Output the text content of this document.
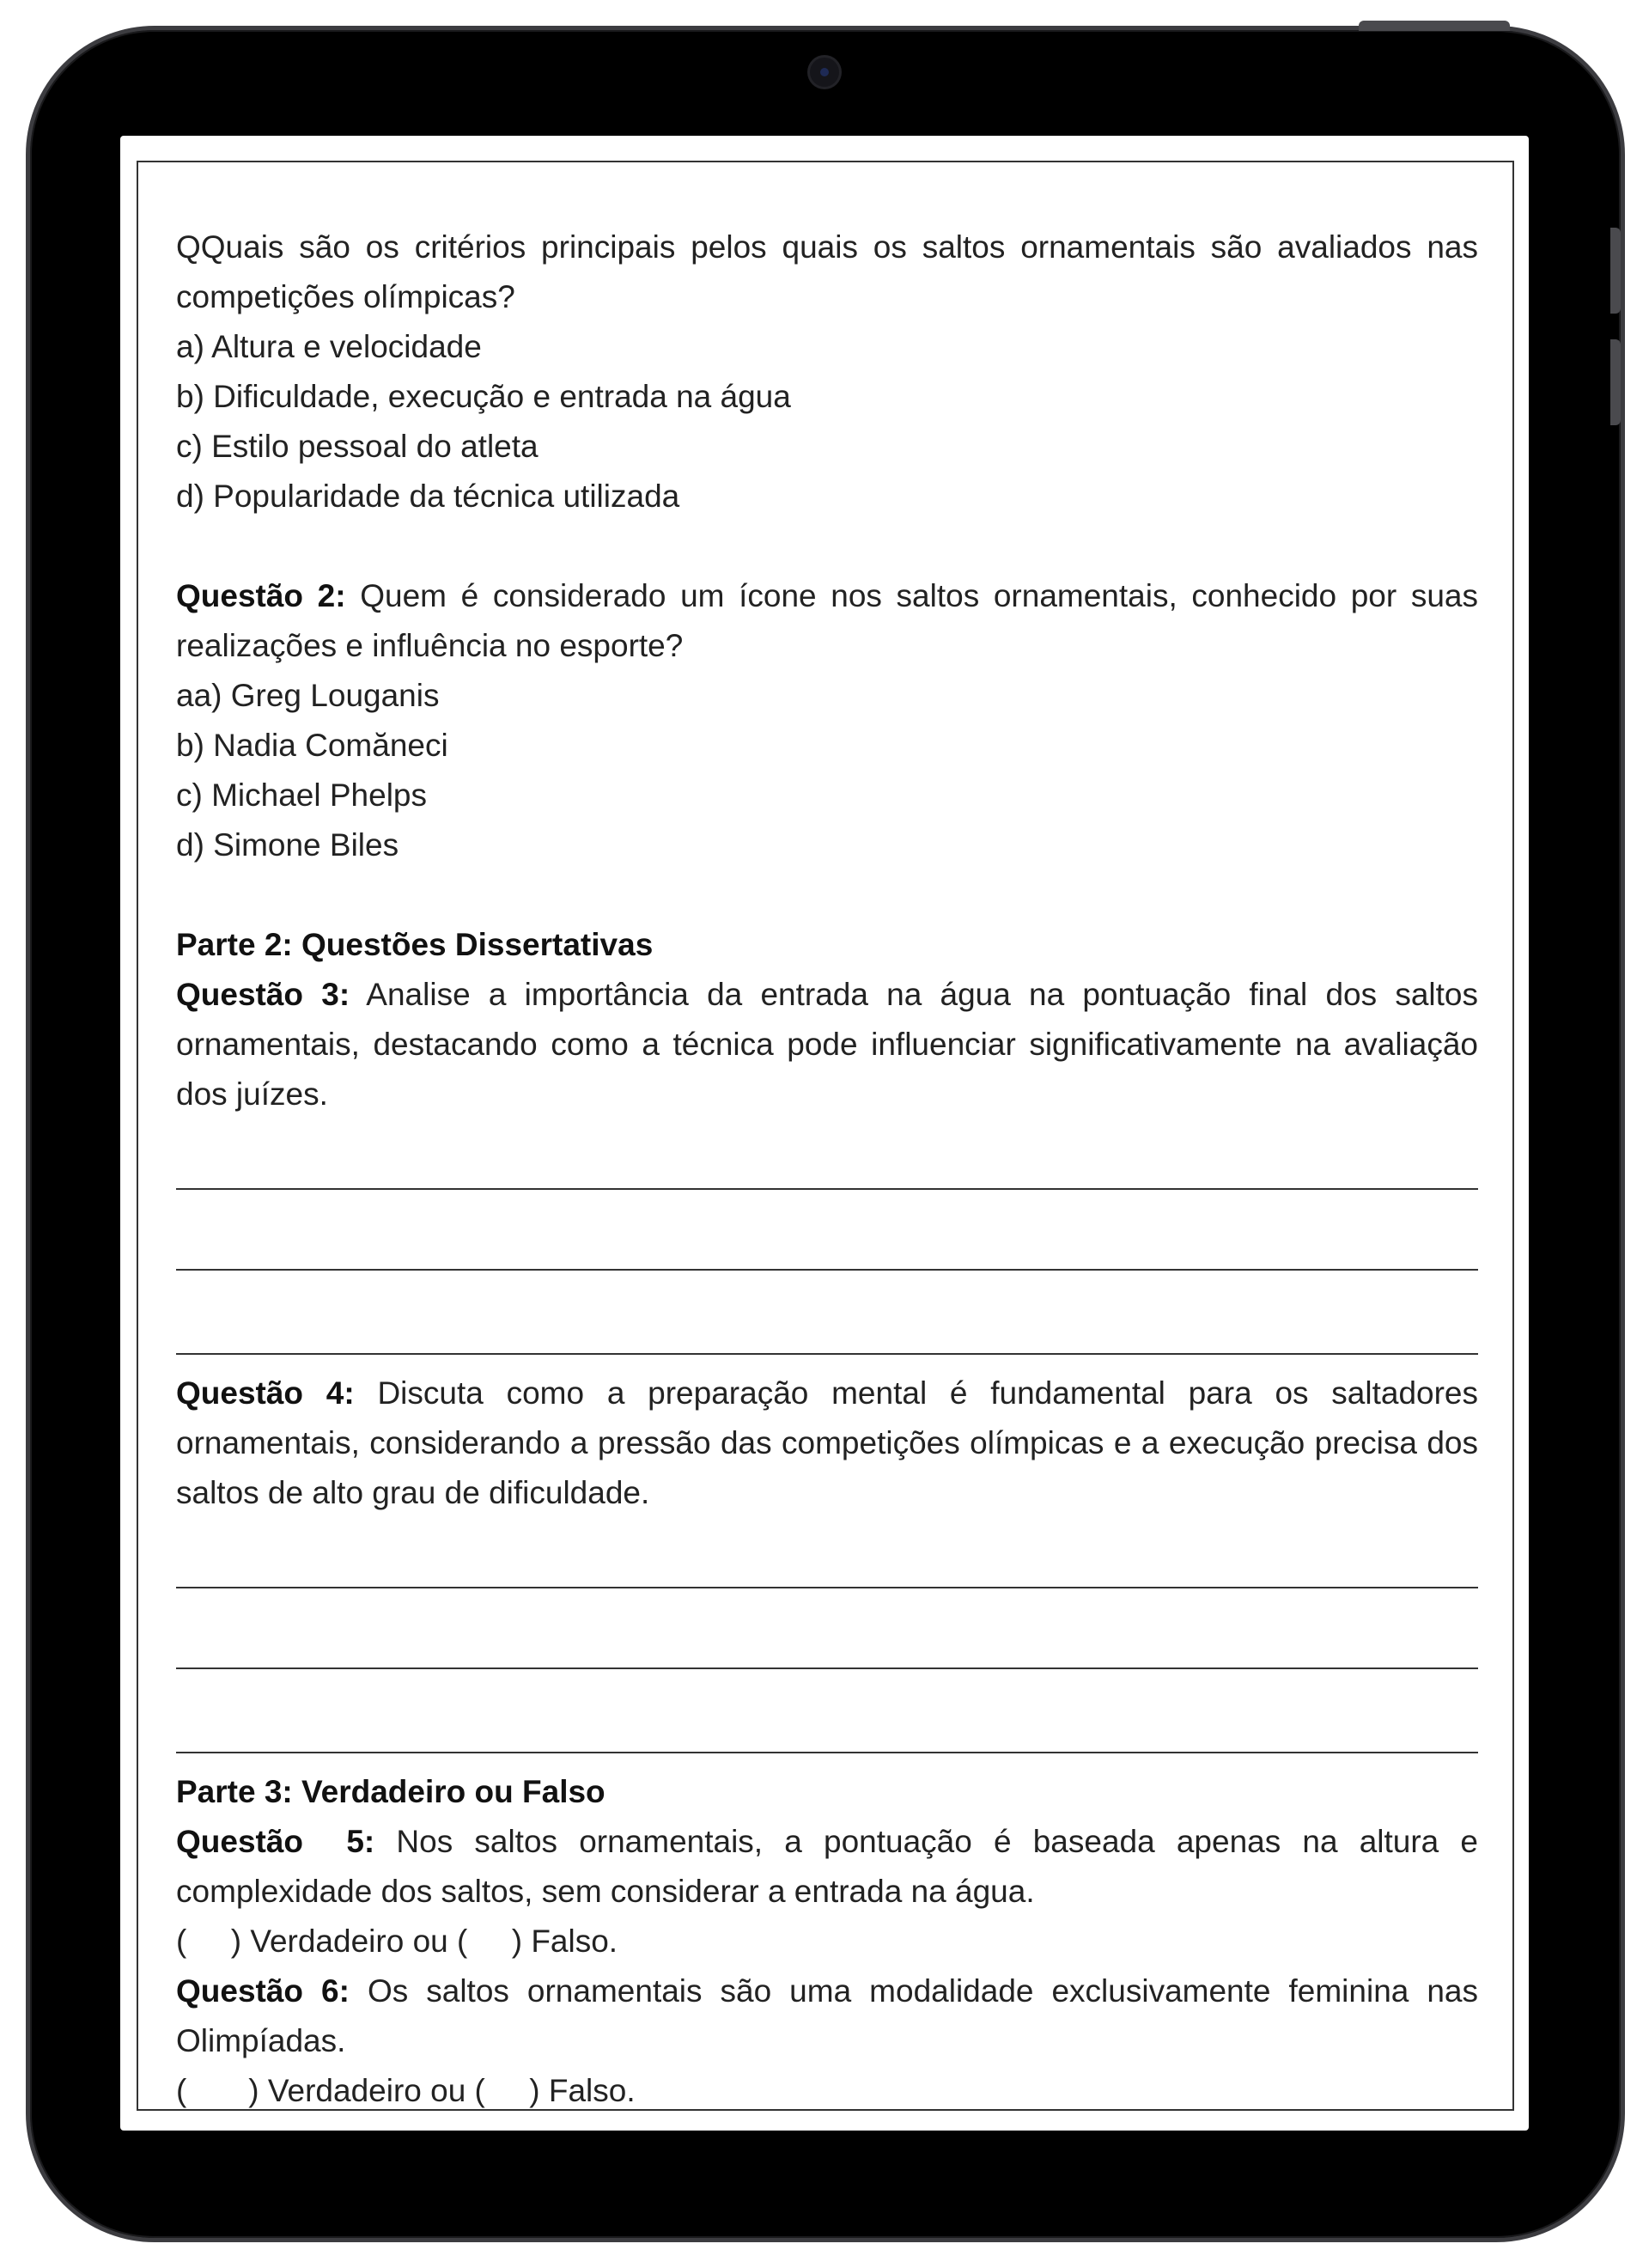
QQuais são os critérios principais pelos quais os saltos ornamentais são avaliados nas competições olímpicas?

a) Altura e velocidade

b) Dificuldade, execução e entrada na água

c) Estilo pessoal do atleta

d) Popularidade da técnica utilizada

Questão 2: Quem é considerado um ícone nos saltos ornamentais, conhecido por suas realizações e influência no esporte?

aa) Greg Louganis

b) Nadia Comăneci

c) Michael Phelps

d) Simone Biles

Parte 2: Questões Dissertativas

Questão 3: Analise a importância da entrada na água na pontuação final dos saltos ornamentais, destacando como a técnica pode influenciar significativamente na avaliação dos juízes.

Questão 4: Discuta como a preparação mental é fundamental para os saltadores ornamentais, considerando a pressão das competições olímpicas e a execução precisa dos saltos de alto grau de dificuldade.

Parte 3: Verdadeiro ou Falso

Questão  5: Nos saltos ornamentais, a pontuação é baseada apenas na altura e complexidade dos saltos, sem considerar a entrada na água.

(     ) Verdadeiro ou (     ) Falso.

Questão 6: Os saltos ornamentais são uma modalidade exclusivamente feminina nas Olimpíadas.

(       ) Verdadeiro ou (     ) Falso.
